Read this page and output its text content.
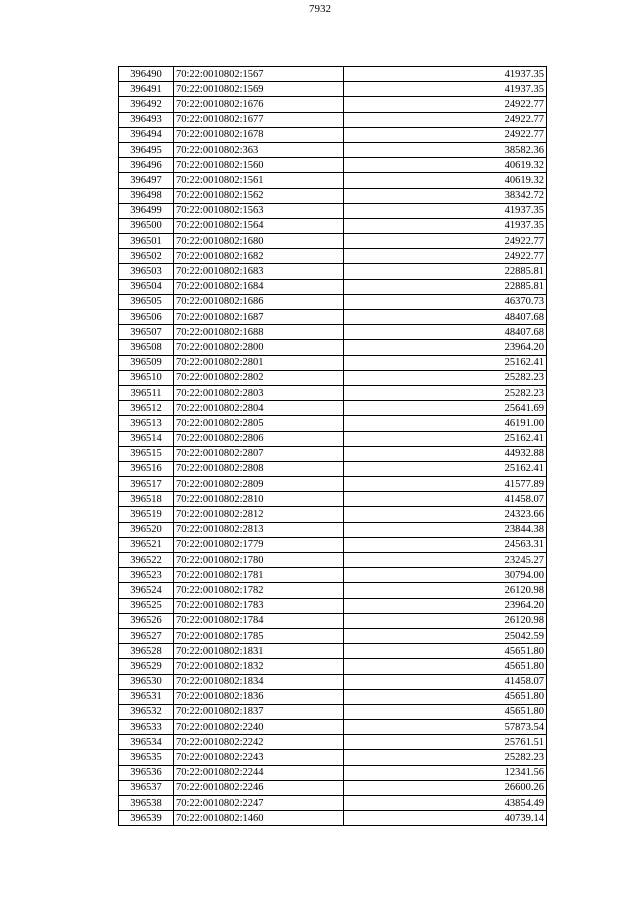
7932
396490	70:22:0010802:1567	41937.35
396491	70:22:0010802:1569	41937.35
396492	70:22:0010802:1676	24922.77
396493	70:22:0010802:1677	24922.77
396494	70:22:0010802:1678	24922.77
396495	70:22:0010802:363	38582.36
396496	70:22:0010802:1560	40619.32
396497	70:22:0010802:1561	40619.32
396498	70:22:0010802:1562	38342.72
396499	70:22:0010802:1563	41937.35
396500	70:22:0010802:1564	41937.35
396501	70:22:0010802:1680	24922.77
396502	70:22:0010802:1682	24922.77
396503	70:22:0010802:1683	22885.81
396504	70:22:0010802:1684	22885.81
396505	70:22:0010802:1686	46370.73
396506	70:22:0010802:1687	48407.68
396507	70:22:0010802:1688	48407.68
396508	70:22:0010802:2800	23964.20
396509	70:22:0010802:2801	25162.41
396510	70:22:0010802:2802	25282.23
396511	70:22:0010802:2803	25282.23
396512	70:22:0010802:2804	25641.69
396513	70:22:0010802:2805	46191.00
396514	70:22:0010802:2806	25162.41
396515	70:22:0010802:2807	44932.88
396516	70:22:0010802:2808	25162.41
396517	70:22:0010802:2809	41577.89
396518	70:22:0010802:2810	41458.07
396519	70:22:0010802:2812	24323.66
396520	70:22:0010802:2813	23844.38
396521	70:22:0010802:1779	24563.31
396522	70:22:0010802:1780	23245.27
396523	70:22:0010802:1781	30794.00
396524	70:22:0010802:1782	26120.98
396525	70:22:0010802:1783	23964.20
396526	70:22:0010802:1784	26120.98
396527	70:22:0010802:1785	25042.59
396528	70:22:0010802:1831	45651.80
396529	70:22:0010802:1832	45651.80
396530	70:22:0010802:1834	41458.07
396531	70:22:0010802:1836	45651.80
396532	70:22:0010802:1837	45651.80
396533	70:22:0010802:2240	57873.54
396534	70:22:0010802:2242	25761.51
396535	70:22:0010802:2243	25282.23
396536	70:22:0010802:2244	12341.56
396537	70:22:0010802:2246	26600.26
396538	70:22:0010802:2247	43854.49
396539	70:22:0010802:1460	40739.14
